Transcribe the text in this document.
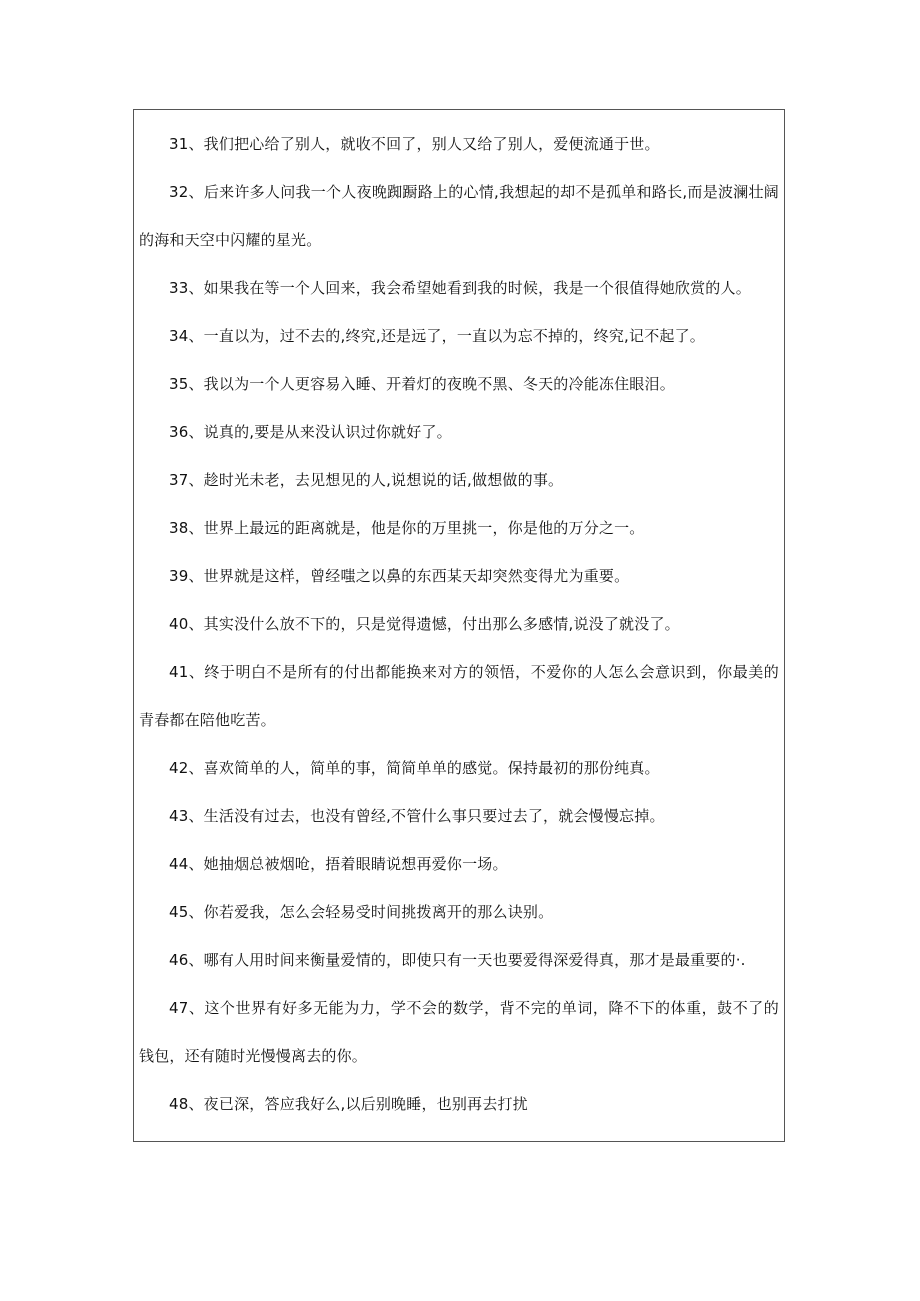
31、我们把心给了别人，就收不回了，别人又给了别人，爱便流通于世。

32、后来许多人问我一个人夜晚踟蹰路上的心情,我想起的却不是孤单和路长,而是波澜壮阔的海和天空中闪耀的星光。

33、如果我在等一个人回来，我会希望她看到我的时候，我是一个很值得她欣赏的人。

34、一直以为，过不去的,终究,还是远了，一直以为忘不掉的，终究,记不起了。

35、我以为一个人更容易入睡、开着灯的夜晚不黑、冬天的冷能冻住眼泪。

36、说真的,要是从来没认识过你就好了。

37、趁时光未老，去见想见的人,说想说的话,做想做的事。

38、世界上最远的距离就是，他是你的万里挑一，你是他的万分之一。

39、世界就是这样，曾经嗤之以鼻的东西某天却突然变得尤为重要。

40、其实没什么放不下的，只是觉得遗憾，付出那么多感情,说没了就没了。

41、终于明白不是所有的付出都能换来对方的领悟，不爱你的人怎么会意识到，你最美的青春都在陪他吃苦。

42、喜欢简单的人，简单的事，简简单单的感觉。保持最初的那份纯真。

43、生活没有过去，也没有曾经,不管什么事只要过去了，就会慢慢忘掉。

44、她抽烟总被烟呛，捂着眼睛说想再爱你一场。

45、你若爱我，怎么会轻易受时间挑拨离开的那么诀别。

46、哪有人用时间来衡量爱情的，即使只有一天也要爱得深爱得真，那才是最重要的·.

47、这个世界有好多无能为力，学不会的数学，背不完的单词，降不下的体重，鼓不了的钱包，还有随时光慢慢离去的你。

48、夜已深，答应我好么,以后别晚睡，也别再去打扰
